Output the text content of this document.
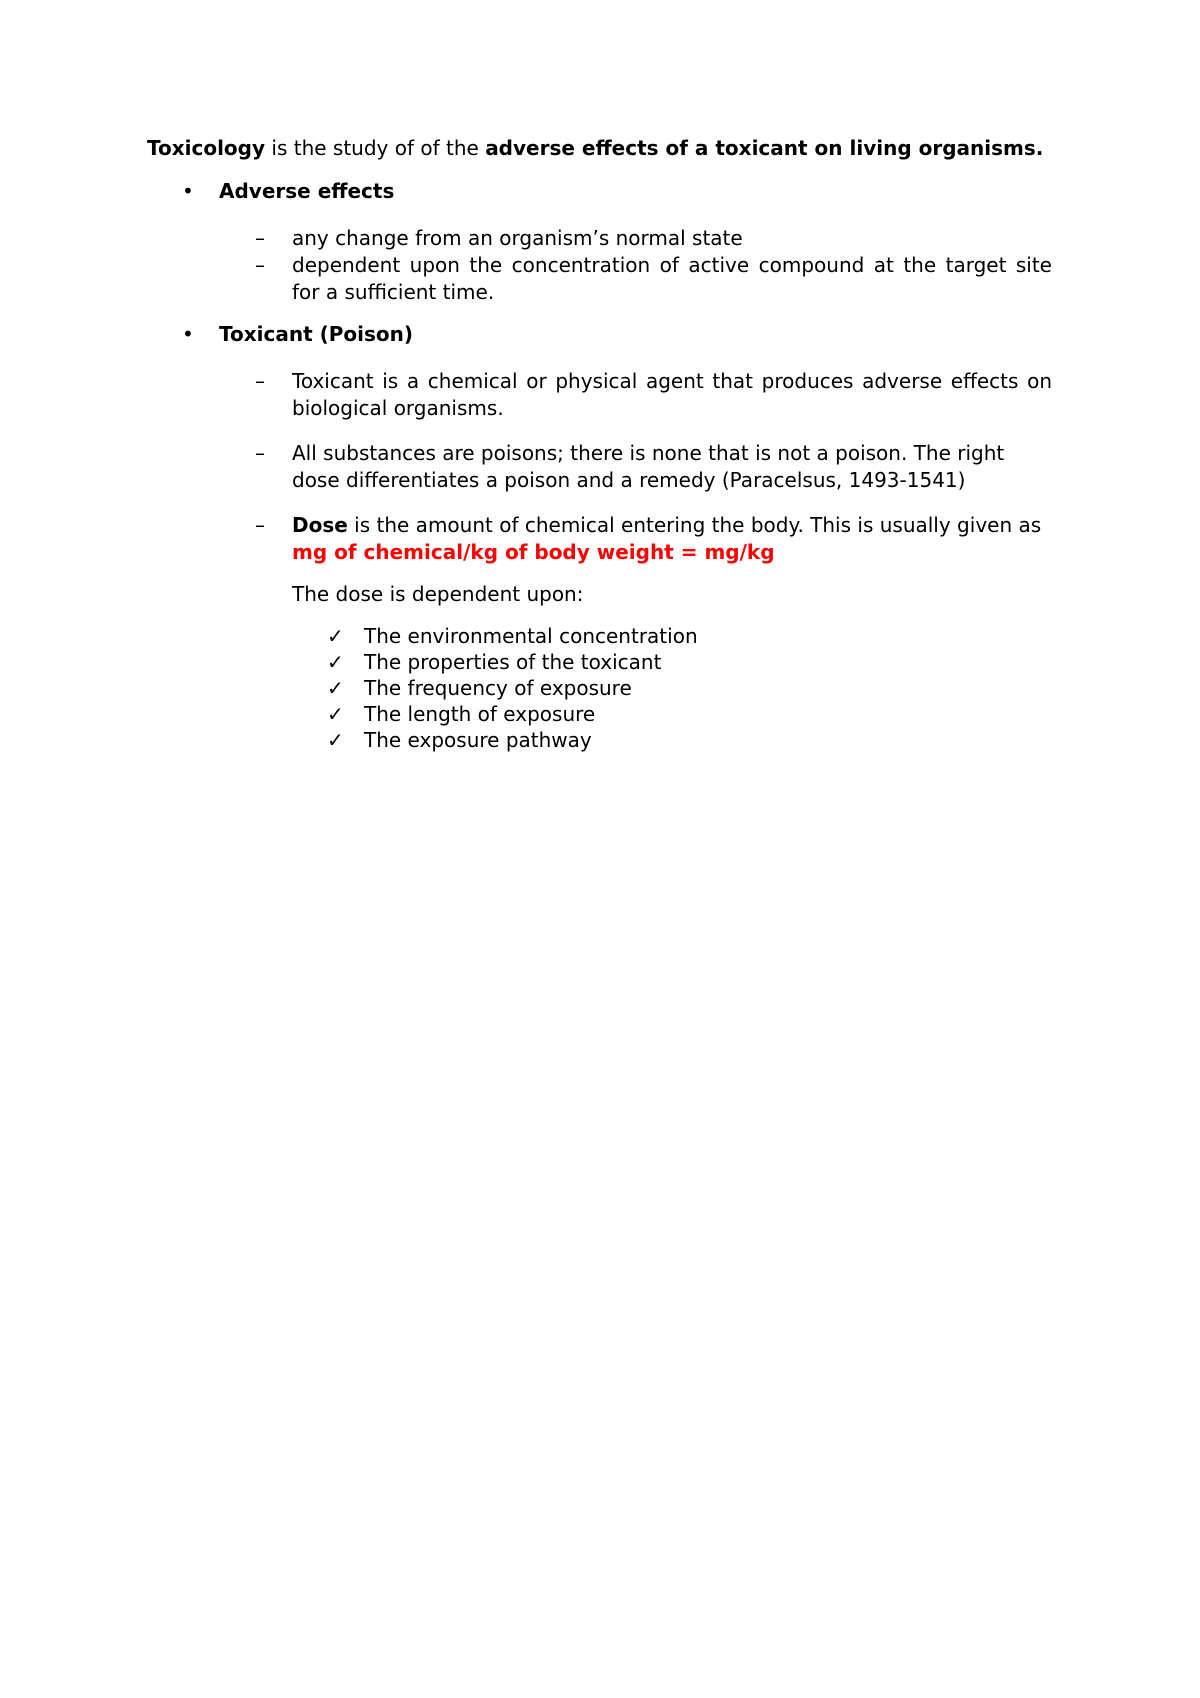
Toxicology is the study of of the adverse effects of a toxicant on living organisms.
•	Adverse effects
– any change from an organism’s normal state
– dependent upon the concentration of active compound at the target site for a sufficient time.
•	Toxicant (Poison)
– Toxicant is a chemical or physical agent that produces adverse effects on biological organisms.
– All substances are poisons; there is none that is not a poison. The right dose differentiates a poison and a remedy (Paracelsus, 1493-1541)
– Dose is the amount of chemical entering the body. This is usually given as
mg of chemical/kg of body weight = mg/kg
The dose is dependent upon:
✓ The environmental concentration
✓ The properties of the toxicant
✓ The frequency of exposure
✓ The length of exposure
✓ The exposure pathway
